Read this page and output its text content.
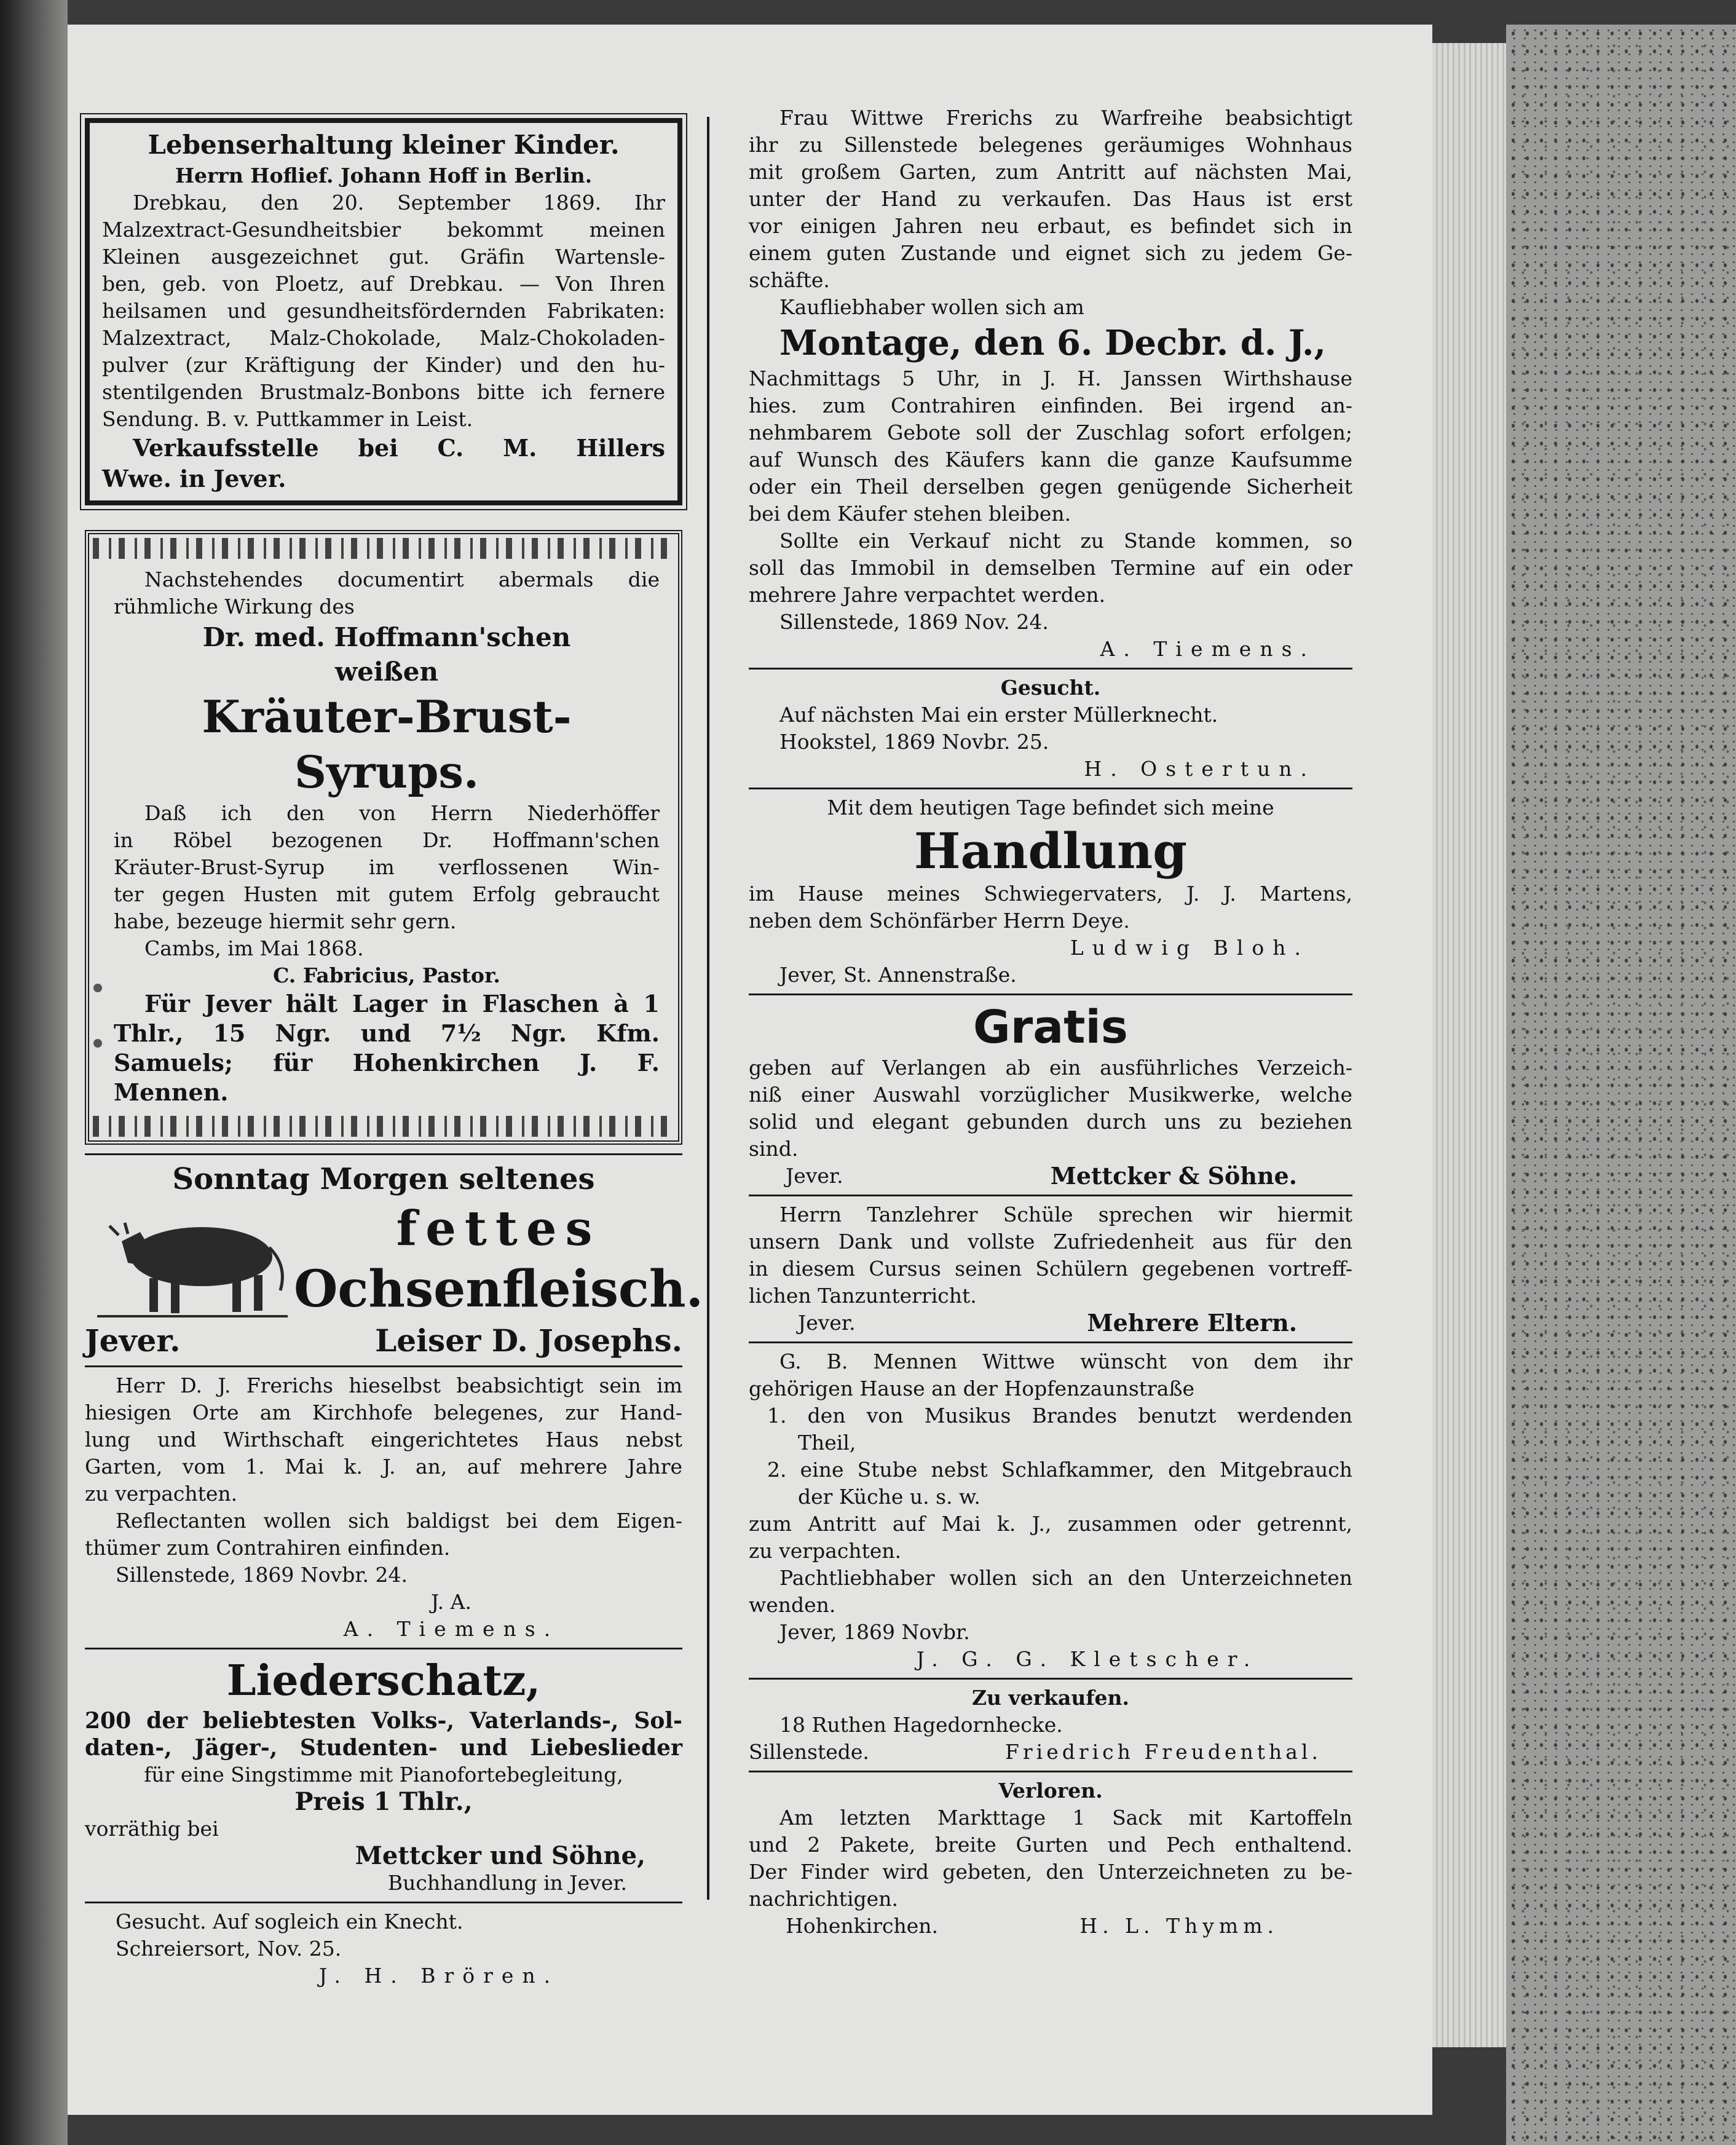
Lebenserhaltung kleiner Kinder.

Herrn Hoflief. Johann Hoff in Berlin.

Drebkau, den 20. September 1869. Ihr

Malzextract-Gesundheitsbier bekommt meinen

Kleinen ausgezeichnet gut. Gräfin Wartensle-

ben, geb. von Ploetz, auf Drebkau. — Von Ihren

heilsamen und gesundheitsfördernden Fabrikaten:

Malzextract, Malz-Chokolade, Malz-Chokoladen-

pulver (zur Kräftigung der Kinder) und den hu-

stentilgenden Brustmalz-Bonbons bitte ich fernere

Sendung. B. v. Puttkammer in Leist.

Verkaufsstelle bei C. M. Hillers

Wwe. in Jever.

Nachstehendes documentirt abermals die

rühmliche Wirkung des

Dr. med. Hoffmann'schen

weißen

Kräuter-Brust-Syrups.

Daß ich den von Herrn Niederhöffer

in Röbel bezogenen Dr. Hoffmann'schen

Kräuter-Brust-Syrup im verflossenen Win-

ter gegen Husten mit gutem Erfolg gebraucht

habe, bezeuge hiermit sehr gern.

Cambs, im Mai 1868.

C. Fabricius, Pastor.

Für Jever hält Lager in Flaschen à 1

Thlr., 15 Ngr. und 7½ Ngr. Kfm.

Samuels; für Hohenkirchen J. F.

Mennen.

Sonntag Morgen seltenes

fettes

Ochsenfleisch.

Jever.	Leiser D. Josephs.

Herr D. J. Frerichs hieselbst beabsichtigt sein im

hiesigen Orte am Kirchhofe belegenes, zur Hand-

lung und Wirthschaft eingerichtetes Haus nebst

Garten, vom 1. Mai k. J. an, auf mehrere Jahre

zu verpachten.

Reflectanten wollen sich baldigst bei dem Eigen-

thümer zum Contrahiren einfinden.

Sillenstede, 1869 Novbr. 24.

J. A.

A. Tiemens.

Liederschatz,

200 der beliebtesten Volks-, Vaterlands-, Sol-

daten-, Jäger-, Studenten- und Liebeslieder

für eine Singstimme mit Pianofortebegleitung,

Preis 1 Thlr.,

vorräthig bei

Mettcker und Söhne,

Buchhandlung in Jever.

Gesucht. Auf sogleich ein Knecht.

Schreiersort, Nov. 25.

J. H. Brören.

Frau Wittwe Frerichs zu Warfreihe beabsichtigt

ihr zu Sillenstede belegenes geräumiges Wohnhaus

mit großem Garten, zum Antritt auf nächsten Mai,

unter der Hand zu verkaufen. Das Haus ist erst

vor einigen Jahren neu erbaut, es befindet sich in

einem guten Zustande und eignet sich zu jedem Ge-

schäfte.

Kaufliebhaber wollen sich am

Montage, den 6. Decbr. d. J.,

Nachmittags 5 Uhr, in J. H. Janssen Wirthshause

hies. zum Contrahiren einfinden. Bei irgend an-

nehmbarem Gebote soll der Zuschlag sofort erfolgen;

auf Wunsch des Käufers kann die ganze Kaufsumme

oder ein Theil derselben gegen genügende Sicherheit

bei dem Käufer stehen bleiben.

Sollte ein Verkauf nicht zu Stande kommen, so

soll das Immobil in demselben Termine auf ein oder

mehrere Jahre verpachtet werden.

Sillenstede, 1869 Nov. 24.

A. Tiemens.

Gesucht.

Auf nächsten Mai ein erster Müllerknecht.

Hookstel, 1869 Novbr. 25.

H. Ostertun.

Mit dem heutigen Tage befindet sich meine

Handlung

im Hause meines Schwiegervaters, J. J. Martens,

neben dem Schönfärber Herrn Deye.

Ludwig Bloh.

Jever, St. Annenstraße.

Gratis

geben auf Verlangen ab ein ausführliches Verzeich-

niß einer Auswahl vorzüglicher Musikwerke, welche

solid und elegant gebunden durch uns zu beziehen

sind.

Jever.	Mettcker & Söhne.

Herrn Tanzlehrer Schüle sprechen wir hiermit

unsern Dank und vollste Zufriedenheit aus für den

in diesem Cursus seinen Schülern gegebenen vortreff-

lichen Tanzunterricht.

Jever.	Mehrere Eltern.

G. B. Mennen Wittwe wünscht von dem ihr

gehörigen Hause an der Hopfenzaunstraße

1. den von Musikus Brandes benutzt werdenden

Theil,

2. eine Stube nebst Schlafkammer, den Mitgebrauch

der Küche u. s. w.

zum Antritt auf Mai k. J., zusammen oder getrennt,

zu verpachten.

Pachtliebhaber wollen sich an den Unterzeichneten

wenden.

Jever, 1869 Novbr.

J. G. G. Kletscher.

Zu verkaufen.

18 Ruthen Hagedornhecke.

Sillenstede.	Friedrich Freudenthal.

Verloren.

Am letzten Markttage 1 Sack mit Kartoffeln

und 2 Pakete, breite Gurten und Pech enthaltend.

Der Finder wird gebeten, den Unterzeichneten zu be-

nachrichtigen.

Hohenkirchen.	H. L. Thymm.
